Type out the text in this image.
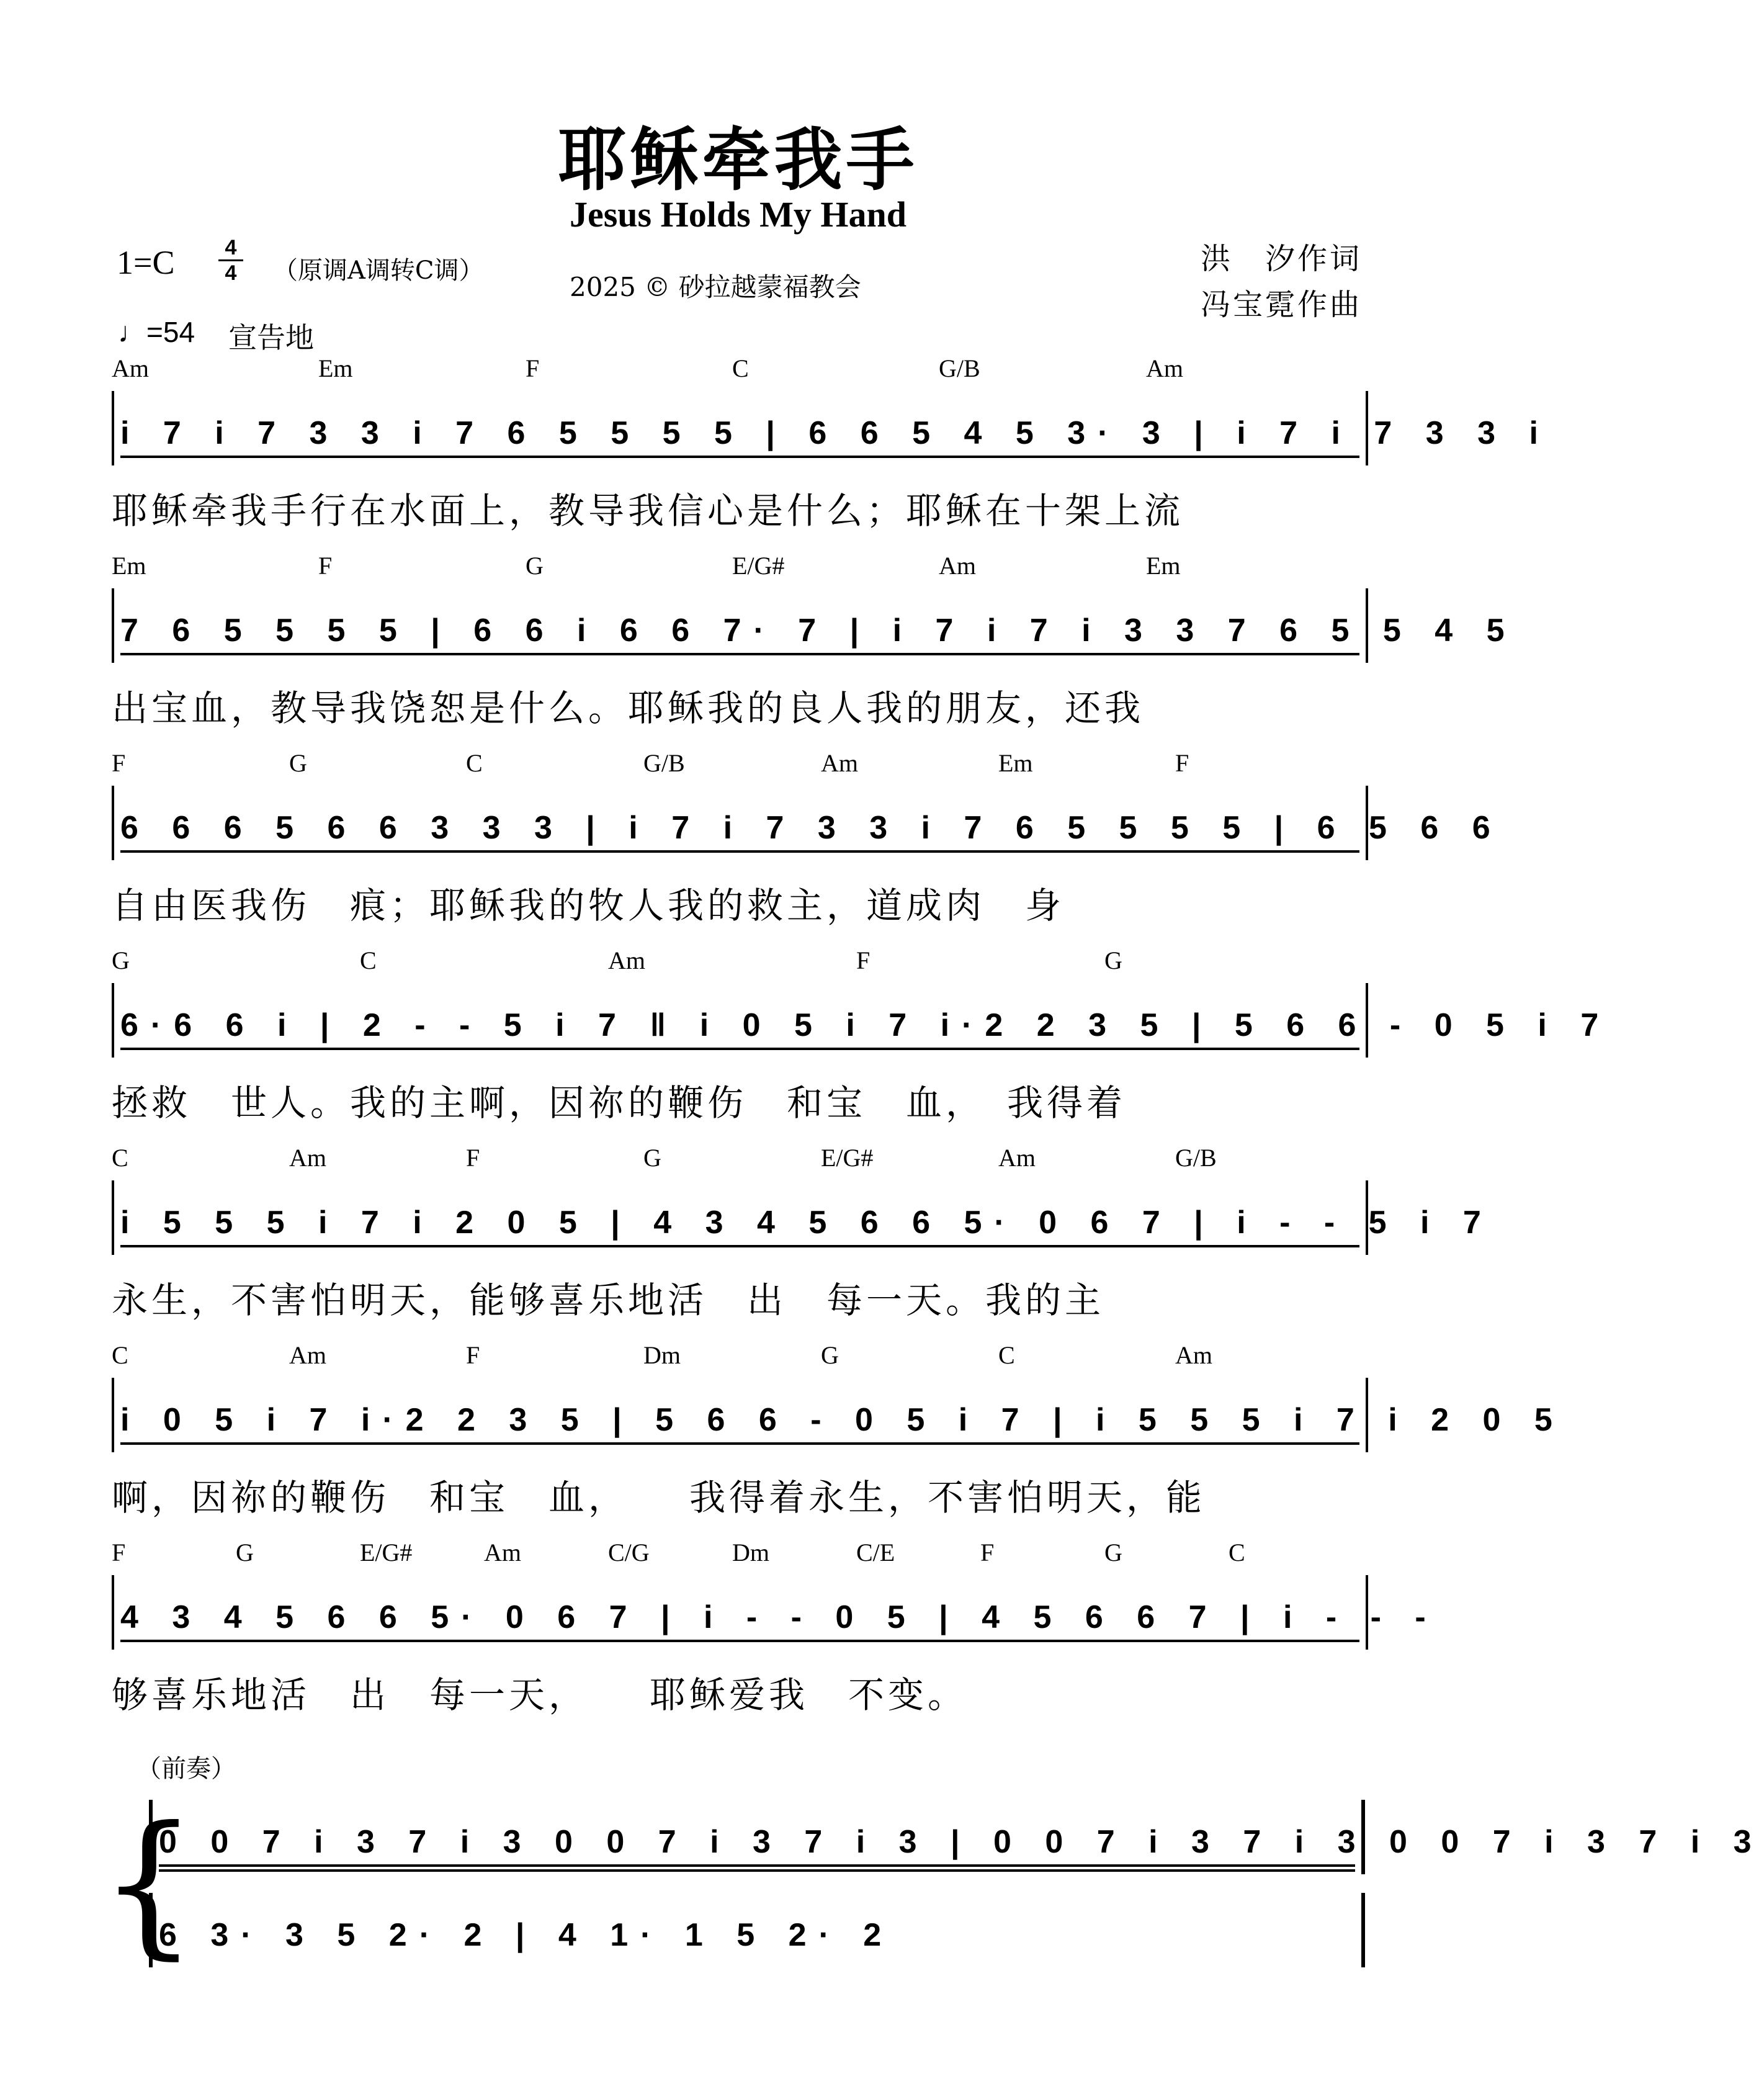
耶稣牵我手
Jesus Holds My Hand
1=C	4
4 （原调A调转C调）
2025 © 砂拉越蒙福教会
洪　汐作词
冯宝霓作曲
♩=54 宣告地
Am	Em	F	C	G/B	Am
i 7 i 7 3 3 i 7 6 5 5 5 5 | 6 6 5 4 5 3· 3 | i 7 i 7 3 3 i
耶稣牵我手行在水面上，教导我信心是什么；耶稣在十架上流
Em	F	G	E/G#	Am	Em
7 6 5 5 5 5 | 6 6 i 6 6 7· 7 | i 7 i 7 i 3 3 7 6 5 5 4 5
出宝血，教导我饶恕是什么。耶稣我的良人我的朋友，还我
F	G	C	G/B	Am	Em	F
6 6 6 5 6 6 3 3 3 | i 7 i 7 3 3 i 7 6 5 5 5 5 | 6 5 6 6
自由医我伤　痕；耶稣我的牧人我的救主，道成肉　身
G	C	Am	F	G
6·6 6 i | 2 - - 5 i 7 ‖ i 0 5 i 7 i·2 2 3 5 | 5 6 6 - 0 5 i 7
拯救　世人。我的主啊，因祢的鞭伤　和宝　血，　我得着
C	Am	F	G	E/G#	Am	G/B
i 5 5 5 i 7 i 2 0 5 | 4 3 4 5 6 6 5· 0 6 7 | i - - 5 i 7
永生，不害怕明天，能够喜乐地活　出　每一天。我的主
C	Am	F	Dm	G	C	Am
i 0 5 i 7 i·2 2 3 5 | 5 6 6 - 0 5 i 7 | i 5 5 5 i 7 i 2 0 5
啊，因祢的鞭伤　和宝　血，　　我得着永生，不害怕明天，能
F	G	E/G#	Am	C/G	Dm	C/E	F	G	C
4 3 4 5 6 6 5· 0 6 7 | i - - 0 5 | 4 5 6 6 7 | i - - -
够喜乐地活　出　每一天，　　耶稣爱我　不变。
（前奏）
{
0 0 7 i 3 7 i 3 0 0 7 i 3 7 i 3 | 0 0 7 i 3 7 i 3 0 0 7 i 3 7 i 3
6 3· 3 5 2· 2 | 4 1· 1 5 2· 2
